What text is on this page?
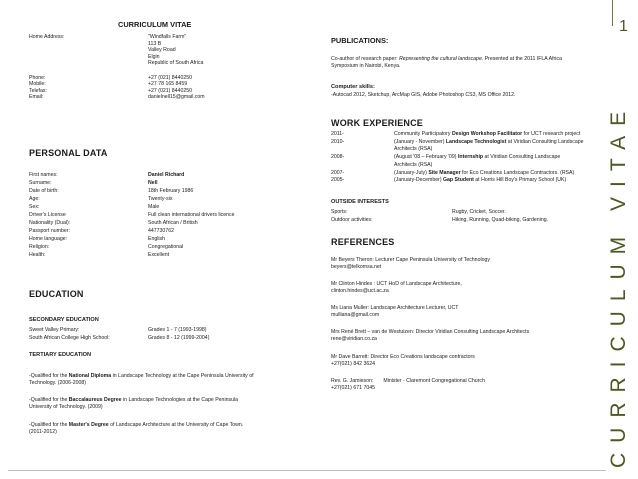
1
CURRICULUM VITAE
CURRICULUM VITAE
Home Address:	"Windfalls Farm"
113 B
Valley Road
Elgin
Republic of South Africa
Phone:	+27 (021) 8440250
Mobile:	+27 78 165 8459
Telefax:	+27 (021) 8440250
Email:	danielnell15@gmail.com
PERSONAL DATA
First names:	Daniel Richard
Surname:	Nell
Date of birth:	18th February 1986
Age:	Twenty-six
Sex:	Male
Driver's License	Full clean international drivers licence
Nationality (Dual):	South African / British
Passport number:	447730762
Home language:	English
Religion:	Congregational
Health:	Excellent
EDUCATION
SECONDARY EDUCATION
Sweet Valley Primary:	Grades 1 - 7 (1993-1998)
South African College High School:	Grades 8 - 12 (1999-2004)
TERTIARY EDUCATION
-Qualified for the National Diploma in Landscape Technology at the Cape Peninsula University of
Technology. (2006-2008)
-Qualified for the Baccalaureus Degree in Landscape Technologies at the Cape Peninsula
University of Technology. (2009)
-Qualified for the Master's Degree of Landscape Architecture at the University of Cape Town.
(2011-2012)
PUBLICATIONS:
Co-author of research paper: Representing the cultural landscape. Presented at the 2011 IFLA Africa
Symposium in Nairobi, Kenya.
Computer skills:
-Autocad 2012, Sketchup, ArcMap GIS, Adobe Photoshop CS3, MS Office 2012.
WORK EXPERIENCE
2011-	Community Participatory Design Workshop Facilitator for UCT research project
2010-	(January - November) Landscape Technologist at Viridian Consulting Landscape
Architects (RSA)
2008-	(August '08 – February '09) Internship at Viridian Consulting Landscape
Architects (RSA)
2007-	(January-July) Site Manager for Eco Creations Landscape Contractors. (RSA)
2005-	(January-December) Gap Student at Horris Hill Boy's Primary School (UK)
OUTSIDE INTERESTS
Sports:	Rugby, Cricket, Soccer.
Outdoor activities:	Hiking, Running, Quad-biking, Gardening.
REFERENCES
Mr Beyers Theron: Lecturer Cape Peninsula University of Technology
beyers@telkomsa.net
Mr Clinton Hindes : UCT HoD of Landscape Architecture,
clinton.hindes@uct.ac.za
Ms Liana Muller: Landscape Architecture Lecturer, UCT
mulliana@gmail.com
Mrs René Brett – van de Westuizen: Director Viridian Consulting Landscape Architects
rene@viridian.co.za
Mr Dave Barrett: Director Eco Creations landscape contractors
+27(021) 842 3624
Rev. G. Jamieson:       Minister - Claremont Congregational Church
+27(021) 671 7045
